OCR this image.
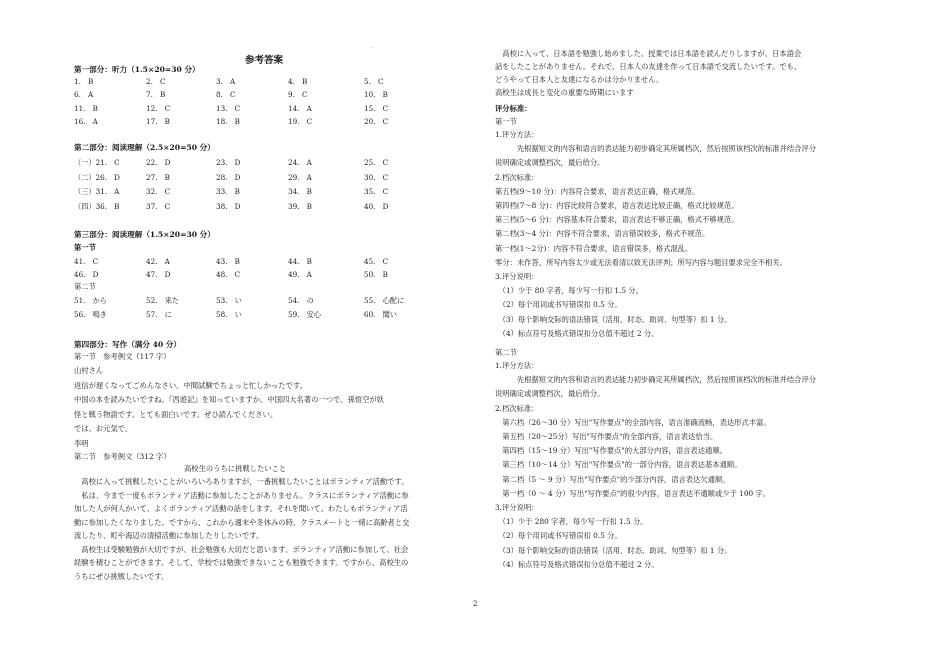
.
参考答案
第一部分：听力（1.5×20=30 分）
1.　B	2.　C	3.　A	4.　B	5.　C
6.　A	7.　B	8.　C	9.　C	10.　B
11.　B	12.　C	13.　C	14.　A	15.　C
16.　A	17.　B	18.　B	19.　C	20.　C
第二部分：阅读理解（2.5×20=50 分）
（一）21.　C	22.　D	23.　D	24.　A	25.　C
（二）26.　D	27.　B	28.　D	29.　A	30.　C
（三）31.　A	32.　C	33.　B	34.　B	35.　C
（四）36.　B	37.　C	38.　D	39.　B	40.　D
第三部分：阅读理解（1.5×20=30 分）
第一节
41.　C	42.　A	43.　B	44.　B	45.　C
46.　D	47.　D	48.　C	49.　A	50.　B
第二节
51.　から	52.　来た	53.　い	54.　の	55.　心配に
56.　鳴き	57.　に	58.　い	59.　安心	60.　聞い
第四部分：写作（满分 40 分）
第一节　参考例文（117 字）
山村さん
返信が遅くなってごめんなさい。中間試験でちょっと忙しかったです。
中国の本を読みたいですね。『西遊記』を知っていますか。中国四大名著の一つで、孫悟空が妖
怪と戦う物語です。とても面白いです。ぜひ読んでください。
では、お元気で。
李明
第二节　参考例文（312 字）
高校生のうちに挑戦したいこと
　高校に入って挑戦したいことがいろいろありますが，一番挑戦したいことはボランティア活動です。
　私は、今まで一度もボランティア活動に参加したことがありません。クラスにボランティア活動に参
加した人が何人かいて、よくボランティア活動の話をします。それを聞いて、わたしもボランティア活
動に参加したくなりました。ですから、これから週末や冬休みの時、クラスメートと一緒に高齢者と交
流したり、町や海辺の清掃活動に参加したりしたいです。
　高校生は受験勉強が大切ですが、社会勉強も大切だと思います。ボランティア活動に参加して、社会
経験を積むことができます。そして、学校では勉強できないことも勉強できます。ですから、高校生の
うちにぜひ挑戦したいです。
　高校に入って、日本語を勉強し始めました。授業では日本語を読んだりしますが、日本語会
話をしたことがありません。それで、日本人の友達を作って日本語で交流したいです。でも、
どうやって日本人と友達になるかは分かりません。
高校生は成長と変化の重要な時期にいます
评分标准：
第一节
1.评分方法：
　　　先根据短文的内容和语言的表达能力初步确定其所属档次，然后按照该档次的标准并结合评分
说明确定或调整档次，最后给分。
2.档次标准：
第五档(9～10 分)：内容符合要求，语言表达正确，格式规范。
第四档(7～8 分)：内容比较符合要求，语言表达比较正确，格式比较规范。
第三档(5～6 分)：内容基本符合要求，语言表达不够正确，格式不够规范。
第二档(3～4 分)：内容不符合要求，语言错误较多，格式不规范。
第一档(1～2分)：内容不符合要求，语言错误多，格式混乱。
零分：未作答，所写内容太少或无法看清以致无法评判；所写内容与题目要求完全不相关。
3.评分说明：
　（1）少于 80 字者，每少写一行扣 1.5 分。
　（2）每个用词或书写错误扣 0.5 分。
　（3）每个影响交际的语法错误（活用、时态、助词、句型等）扣 1 分。
　（4）标点符号及格式错误扣分总值不超过 2 分。
第二节
1.评分方法：
　　　先根据短文的内容和语言的表达能力初步确定其所属档次，然后按照该档次的标准并结合评分
说明确定或调整档次，最后给分。
2.档次标准：
　第六档（26～30 分）写出"写作要点"的全部内容，语言准确流畅，表达形式丰富。
　第五档（20～25分）写出"写作要点"的全部内容，语言表达恰当。
　第四档（15～19 分）写出"写作要点"的大部分内容，语言表达通顺。
　第三档（10～14 分）写出"写作要点"的一部分内容，语言表达基本通顺。
　第二档（5 ～ 9 分）写出"写作要点"的少部分内容，语言表达欠通顺。
　第一档（0 ～ 4 分）写出"写作要点"的很少内容，语言表达不通顺或少于 100 字。
3.评分说明：
　（1）少于 280 字者，每少写一行扣 1.5 分。
　（2）每个用词或书写错误扣 0.5 分。
　（3）每个影响交际的语法错误（活用、时态、助词、句型等）扣 1 分。
　（4）标点符号及格式错误扣分总值不超过 2 分。
2
